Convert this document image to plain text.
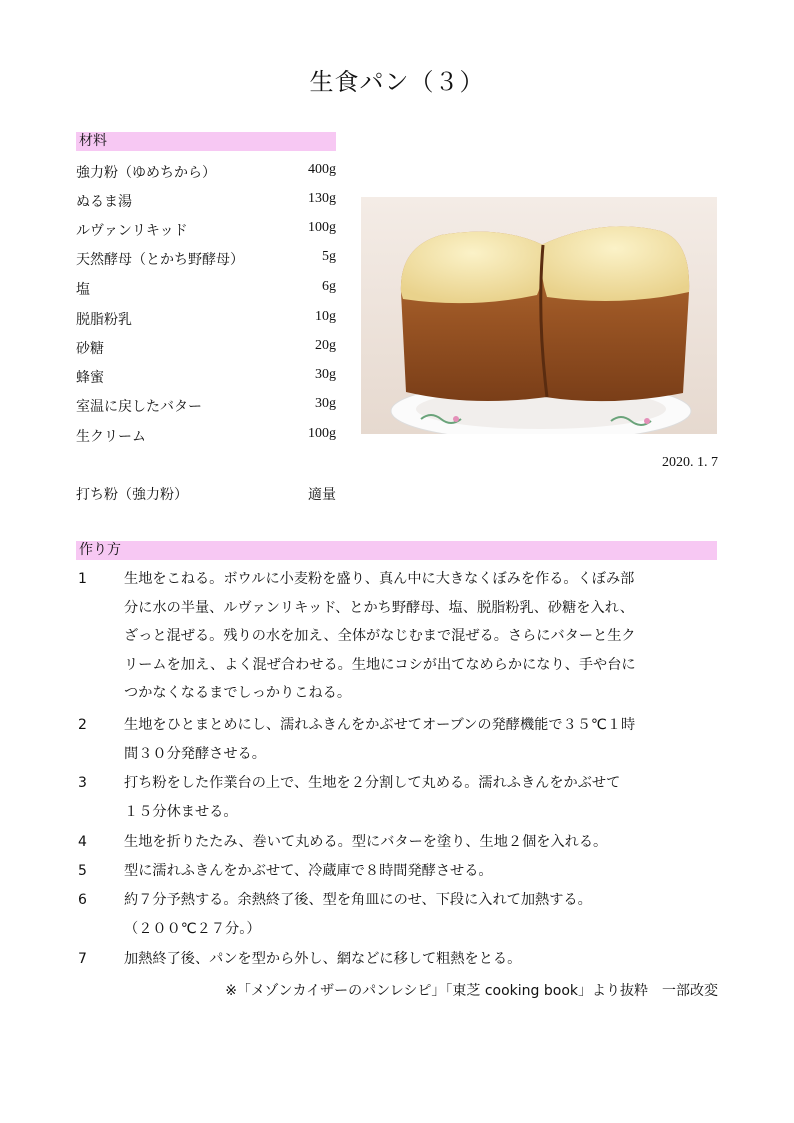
生食パン（３）
材料
強力粉（ゆめちから）	400g
ぬるま湯	130g
ルヴァンリキッド	100g
天然酵母（とかち野酵母）	5g
塩	6g
脱脂粉乳	10g
砂糖	20g
蜂蜜	30g
室温に戻したバター	30g
生クリーム	100g
打ち粉（強力粉）	適量
2020. 1. 7
作り方
1	生地をこねる。ボウルに小麦粉を盛り、真ん中に大きなくぼみを作る。くぼみ部
分に水の半量、ルヴァンリキッド、とかち野酵母、塩、脱脂粉乳、砂糖を入れ、
ざっと混ぜる。残りの水を加え、全体がなじむまで混ぜる。さらにバターと生ク
リームを加え、よく混ぜ合わせる。生地にコシが出てなめらかになり、手や台に
つかなくなるまでしっかりこねる。
2	生地をひとまとめにし、濡れふきんをかぶせてオーブンの発酵機能で３５℃１時
間３０分発酵させる。
3	打ち粉をした作業台の上で、生地を２分割して丸める。濡れふきんをかぶせて
１５分休ませる。
4	生地を折りたたみ、巻いて丸める。型にバターを塗り、生地２個を入れる。
5	型に濡れふきんをかぶせて、冷蔵庫で８時間発酵させる。
6	約７分予熱する。余熱終了後、型を角皿にのせ、下段に入れて加熱する。
（２００℃２７分。）
7	加熱終了後、パンを型から外し、網などに移して粗熱をとる。
※「メゾンカイザーのパンレシピ」「東芝 cooking book」より抜粋　一部改変
